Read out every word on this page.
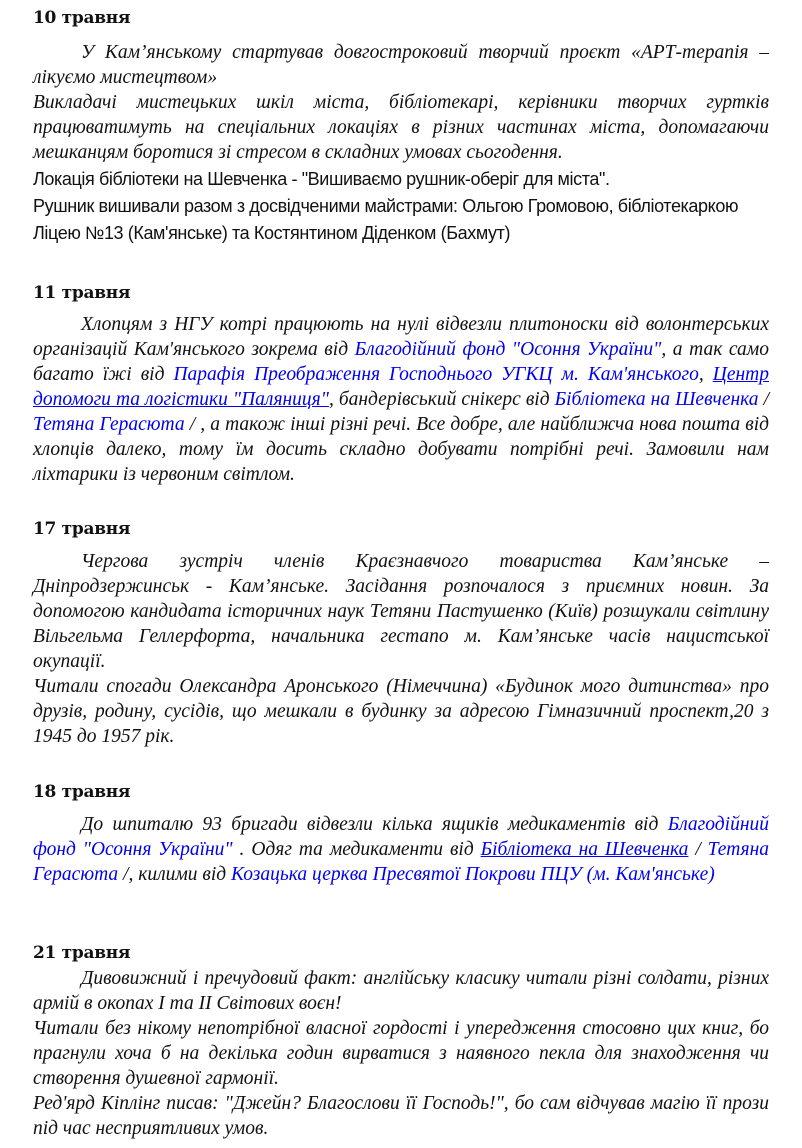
10 травня

У Кам’янському стартував довгостроковий творчий проєкт «АРТ-терапія – лікуємо мистецтвом»

Викладачі мистецьких шкіл міста, бібліотекарі, керівники творчих гуртків працюватимуть на спеціальних локаціях в різних частинах міста, допомагаючи мешканцям боротися зі стресом в складних умовах сьогодення.

Локація бібліотеки на Шевченка - "Вишиваємо рушник-оберіг для міста".

Рушник вишивали разом з досвідченими майстрами: Ольгою Громовою, бібліотекаркою Ліцею №13 (Кам'янське) та Костянтином Діденком (Бахмут)

11 травня

Хлопцям з НГУ котрі працюють на нулі відвезли плитоноски від волонтерських організацій Кам'янського зокрема від Благодійний фонд "Осоння України", а так само багато їжі від Парафія Преображення Господнього УГКЦ м. Кам'янського, Центр допомоги та логістики "Паляниця", бандерівський снікерс від Бібліотека на Шевченка / Тетяна Герасюта / , а також інші різні речі. Все добре, але найближча нова пошта від хлопців далеко, тому їм досить складно добувати потрібні речі. Замовили нам ліхтарики із червоним світлом.

17 травня

Чергова зустріч членів Краєзнавчого товариства Кам’янське – Дніпродзержинськ - Кам’янське. Засідання розпочалося з приємних новин. За допомогою кандидата історичних наук Тетяни Пастушенко (Київ) розшукали світлину Вільгельма Геллерфорта, начальника гестапо м. Кам’янське часів нацистської окупації.

Читали спогади Олександра Аронського (Німеччина) «Будинок мого дитинства» про друзів, родину, сусідів, що мешкали в будинку за адресою Гімназичний проспект,20 з 1945 до 1957 рік.

18 травня

До шпиталю 93 бригади відвезли кілька ящиків медикаментів від Благодійний фонд "Осоння України" . Одяг та медикаменти від Бібліотека на Шевченка / Тетяна Герасюта /, килими від Козацька церква Пресвятої Покрови ПЦУ (м. Кам'янське)

21 травня

Дивовижний і пречудовий факт: англійську класику читали різні солдати, різних армій в окопах І та ІІ Світових воєн!

Читали без нікому непотрібної власної гордості і упередження стосовно цих книг, бо прагнули хоча б на декілька годин вирватися з наявного пекла для знаходження чи створення душевної гармонії.

Ред'ярд Кіплінг писав: "Джейн? Благослови її Господь!", бо сам відчував магію її прози під час несприятливих умов.
